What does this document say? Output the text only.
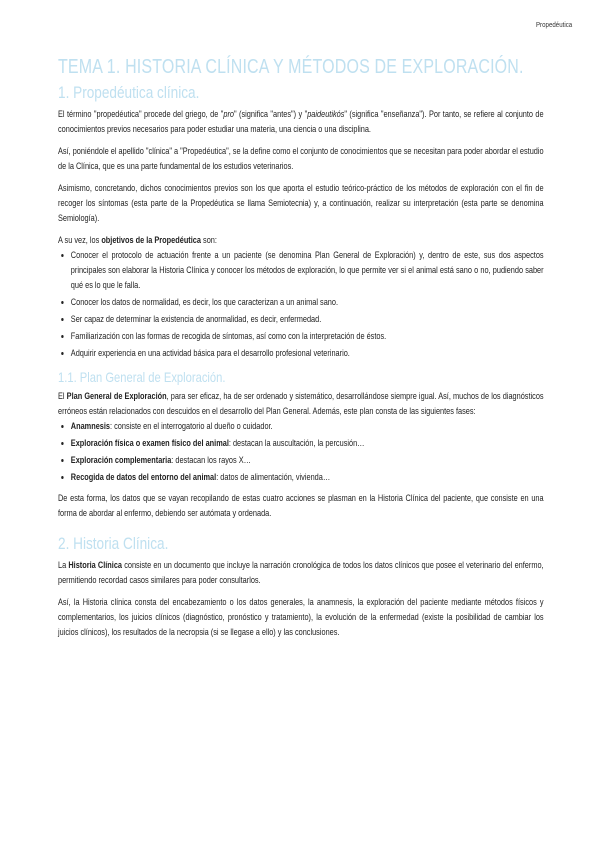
Propedéutica
TEMA 1. HISTORIA CLÍNICA Y MÉTODOS DE EXPLORACIÓN.
1. Propedéutica clínica.

El término "propedéutica" procede del griego, de "pro" (significa "antes") y "paideutikós" (significa "enseñanza"). Por tanto, se refiere al conjunto de conocimientos previos necesarios para poder estudiar una materia, una ciencia o una disciplina.

Así, poniéndole el apellido "clínica" a "Propedéutica", se la define como el conjunto de conocimientos que se necesitan para poder abordar el estudio de la Clínica, que es una parte fundamental de los estudios veterinarios.

Asimismo, concretando, dichos conocimientos previos son los que aporta el estudio teórico-práctico de los métodos de exploración con el fin de recoger los síntomas (esta parte de la Propedéutica se llama Semiotecnia) y, a continuación, realizar su interpretación (esta parte se denomina Semiología).

A su vez, los objetivos de la Propedéutica son:

• Conocer el protocolo de actuación frente a un paciente (se denomina Plan General de Exploración) y, dentro de este, sus dos aspectos principales son elaborar la Historia Clínica y conocer los métodos de exploración, lo que permite ver si el animal está sano o no, pudiendo saber qué es lo que le falla.
• Conocer los datos de normalidad, es decir, los que caracterizan a un animal sano.
• Ser capaz de determinar la existencia de anormalidad, es decir, enfermedad.
• Familiarización con las formas de recogida de síntomas, así como con la interpretación de éstos.
• Adquirir experiencia en una actividad básica para el desarrollo profesional veterinario.
1.1. Plan General de Exploración.

El Plan General de Exploración, para ser eficaz, ha de ser ordenado y sistemático, desarrollándose siempre igual. Así, muchos de los diagnósticos erróneos están relacionados con descuidos en el desarrollo del Plan General. Además, este plan consta de las siguientes fases:

• Anamnesis: consiste en el interrogatorio al dueño o cuidador.
• Exploración física o examen físico del animal: destacan la auscultación, la percusión…
• Exploración complementaria: destacan los rayos X…
• Recogida de datos del entorno del animal: datos de alimentación, vivienda…

De esta forma, los datos que se vayan recopilando de estas cuatro acciones se plasman en la Historia Clínica del paciente, que consiste en una forma de abordar al enfermo, debiendo ser autómata y ordenada.

2. Historia Clínica.

La Historia Clínica consiste en un documento que incluye la narración cronológica de todos los datos clínicos que posee el veterinario del enfermo, permitiendo recordad casos similares para poder consultarlos.

Así, la Historia clínica consta del encabezamiento o los datos generales, la anamnesis, la exploración del paciente mediante métodos físicos y complementarios, los juicios clínicos (diagnóstico, pronóstico y tratamiento), la evolución de la enfermedad (existe la posibilidad de cambiar los juicios clínicos), los resultados de la necropsia (si se llegase a ello) y las conclusiones.
